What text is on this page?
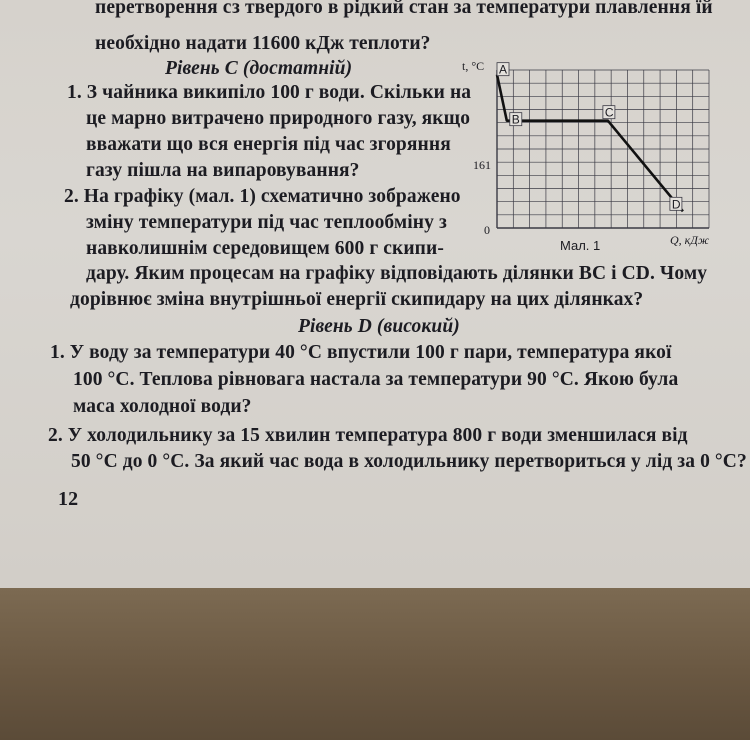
перетворення сз твердого в рідкий стан за температури плавлення їй
необхідно надати 11600 кДж теплоти?
Рівень С (достатній)
1. З чайника википіло 100 г води. Скільки на
це марно витрачено природного газу, якщо
вважати що вся енергія під час згоряння
газу пішла на випаровування?
2. На графіку (мал. 1) схематично зображено
зміну температури під час теплообміну з
навколишнім середовищем 600 г скипи-
дару. Яким процесам на графіку відповідають ділянки ВС і СD. Чому
дорівнює зміна внутрішньої енергії скипидару на цих ділянках?
Рівень D (високий)
1. У воду за температури 40 °С впустили 100 г пари, температура якої
100 °С. Теплова рівновага настала за температури 90 °С. Якою була
маса холодної води?
2. У холодильнику за 15 хвилин температура 800 г води зменшилася від
50 °С до 0 °С. За який час вода в холодильнику перетвориться у лід за 0 °С?
12
t, °C
161
0
Q, кДж
Мал. 1
A
B	C
D
